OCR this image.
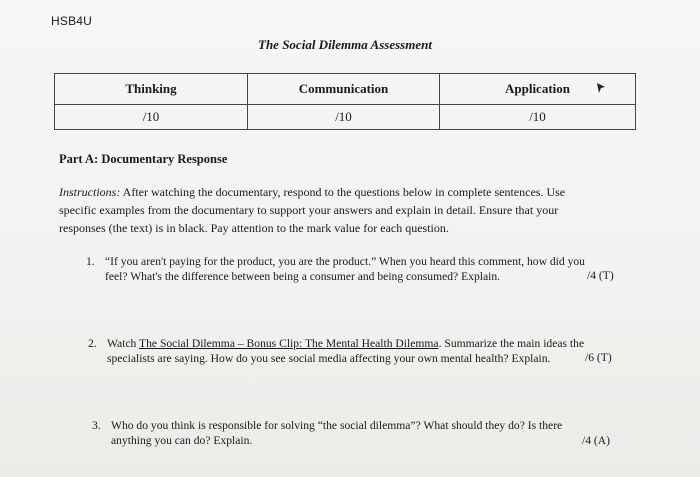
HSB4U
The Social Dilemma Assessment
Thinking	Communication	Application
/10	/10	/10
Part A: Documentary Response
Instructions: After watching the documentary, respond to the questions below in complete sentences. Use
specific examples from the documentary to support your answers and explain in detail. Ensure that your
responses (the text) is in black. Pay attention to the mark value for each question.
1. “If you aren't paying for the product, you are the product.” When you heard this comment, how did you
feel? What's the difference between being a consumer and being consumed? Explain.	/4 (T)
2. Watch The Social Dilemma – Bonus Clip: The Mental Health Dilemma. Summarize the main ideas the
specialists are saying. How do you see social media affecting your own mental health? Explain.	/6 (T)
3. Who do you think is responsible for solving “the social dilemma”? What should they do? Is there
anything you can do? Explain.	/4 (A)
